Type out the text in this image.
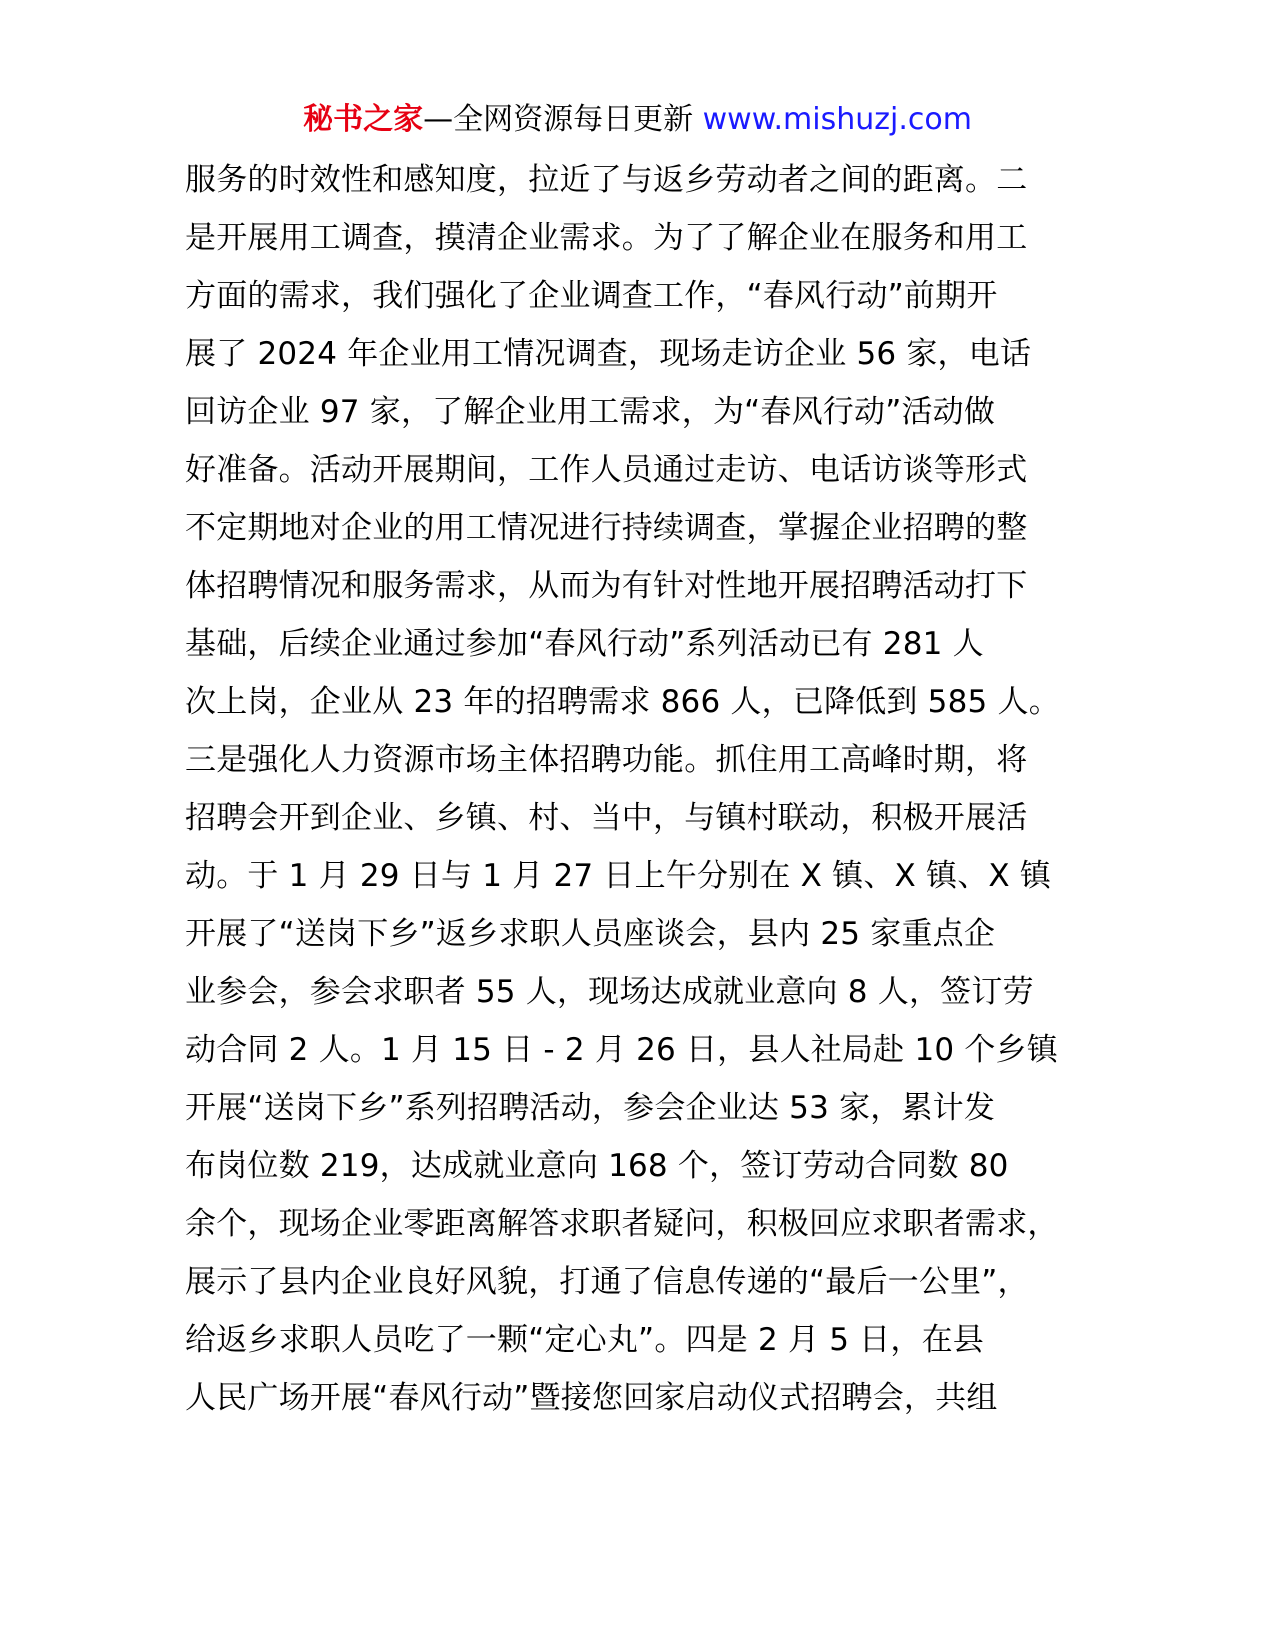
秘书之家—全网资源每日更新 www.mishuzj.com
服务的时效性和感知度，拉近了与返乡劳动者之间的距离。二
是开展用工调查，摸清企业需求。为了了解企业在服务和用工
方面的需求，我们强化了企业调查工作，“春风行动”前期开
展了 2024 年企业用工情况调查，现场走访企业 56 家，电话
回访企业 97 家，了解企业用工需求，为“春风行动”活动做
好准备。活动开展期间，工作人员通过走访、电话访谈等形式
不定期地对企业的用工情况进行持续调查，掌握企业招聘的整
体招聘情况和服务需求，从而为有针对性地开展招聘活动打下
基础，后续企业通过参加“春风行动”系列活动已有 281 人
次上岗，企业从 23 年的招聘需求 866 人，已降低到 585 人。
三是强化人力资源市场主体招聘功能。抓住用工高峰时期，将
招聘会开到企业、乡镇、村、当中，与镇村联动，积极开展活
动。于 1 月 29 日与 1 月 27 日上午分别在 X 镇、X 镇、X 镇
开展了“送岗下乡”返乡求职人员座谈会，县内 25 家重点企
业参会，参会求职者 55 人，现场达成就业意向 8 人，签订劳
动合同 2 人。1 月 15 日 - 2 月 26 日，县人社局赴 10 个乡镇
开展“送岗下乡”系列招聘活动，参会企业达 53 家，累计发
布岗位数 219，达成就业意向 168 个，签订劳动合同数 80
余个，现场企业零距离解答求职者疑问，积极回应求职者需求，
展示了县内企业良好风貌，打通了信息传递的“最后一公里”，
给返乡求职人员吃了一颗“定心丸”。四是 2 月 5 日，在县
人民广场开展“春风行动”暨接您回家启动仪式招聘会，共组
